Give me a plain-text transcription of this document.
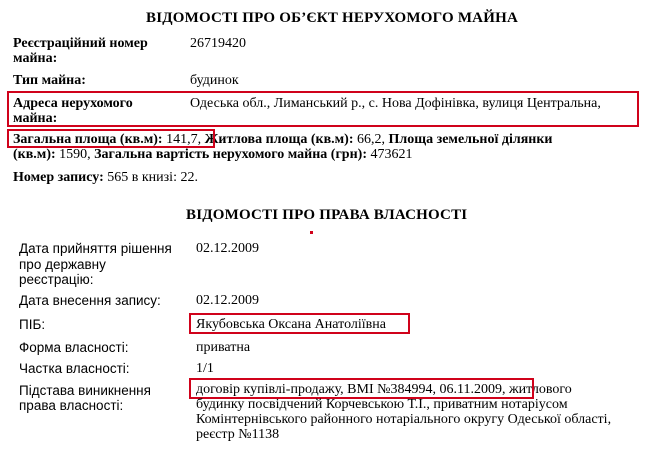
ВІДОМОСТІ ПРО ОБ’ЄКТ НЕРУХОМОГО МАЙНА
Реєстраційний номер
майна:
26719420
Тип майна:	будинок
Адреса нерухомого
майна:
Одеська обл., Лиманський р., с. Нова Дофінівка, вулиця Центральна,
Загальна площа (кв.м): 141,7, Житлова площа (кв.м): 66,2, Площа земельної ділянки
(кв.м): 1590, Загальна вартість нерухомого майна (грн): 473621
Номер запису: 565 в книзі: 22.
ВІДОМОСТІ ПРО ПРАВА ВЛАСНОСТІ
Дата прийняття рішення
про державну
реєстрацію:
02.12.2009
Дата внесення запису:	02.12.2009
ПІБ:	Якубовська Оксана Анатоліївна
Форма власності:	приватна
Частка власності:	1/1
Підстава виникнення
права власності:
договір купівлі-продажу, ВМІ №384994, 06.11.2009, житлового
будинку посвідчений Корчевською Т.І., приватним нотаріусом
Комінтернівського районного нотаріального округу Одеської області,
реєстр №1138
